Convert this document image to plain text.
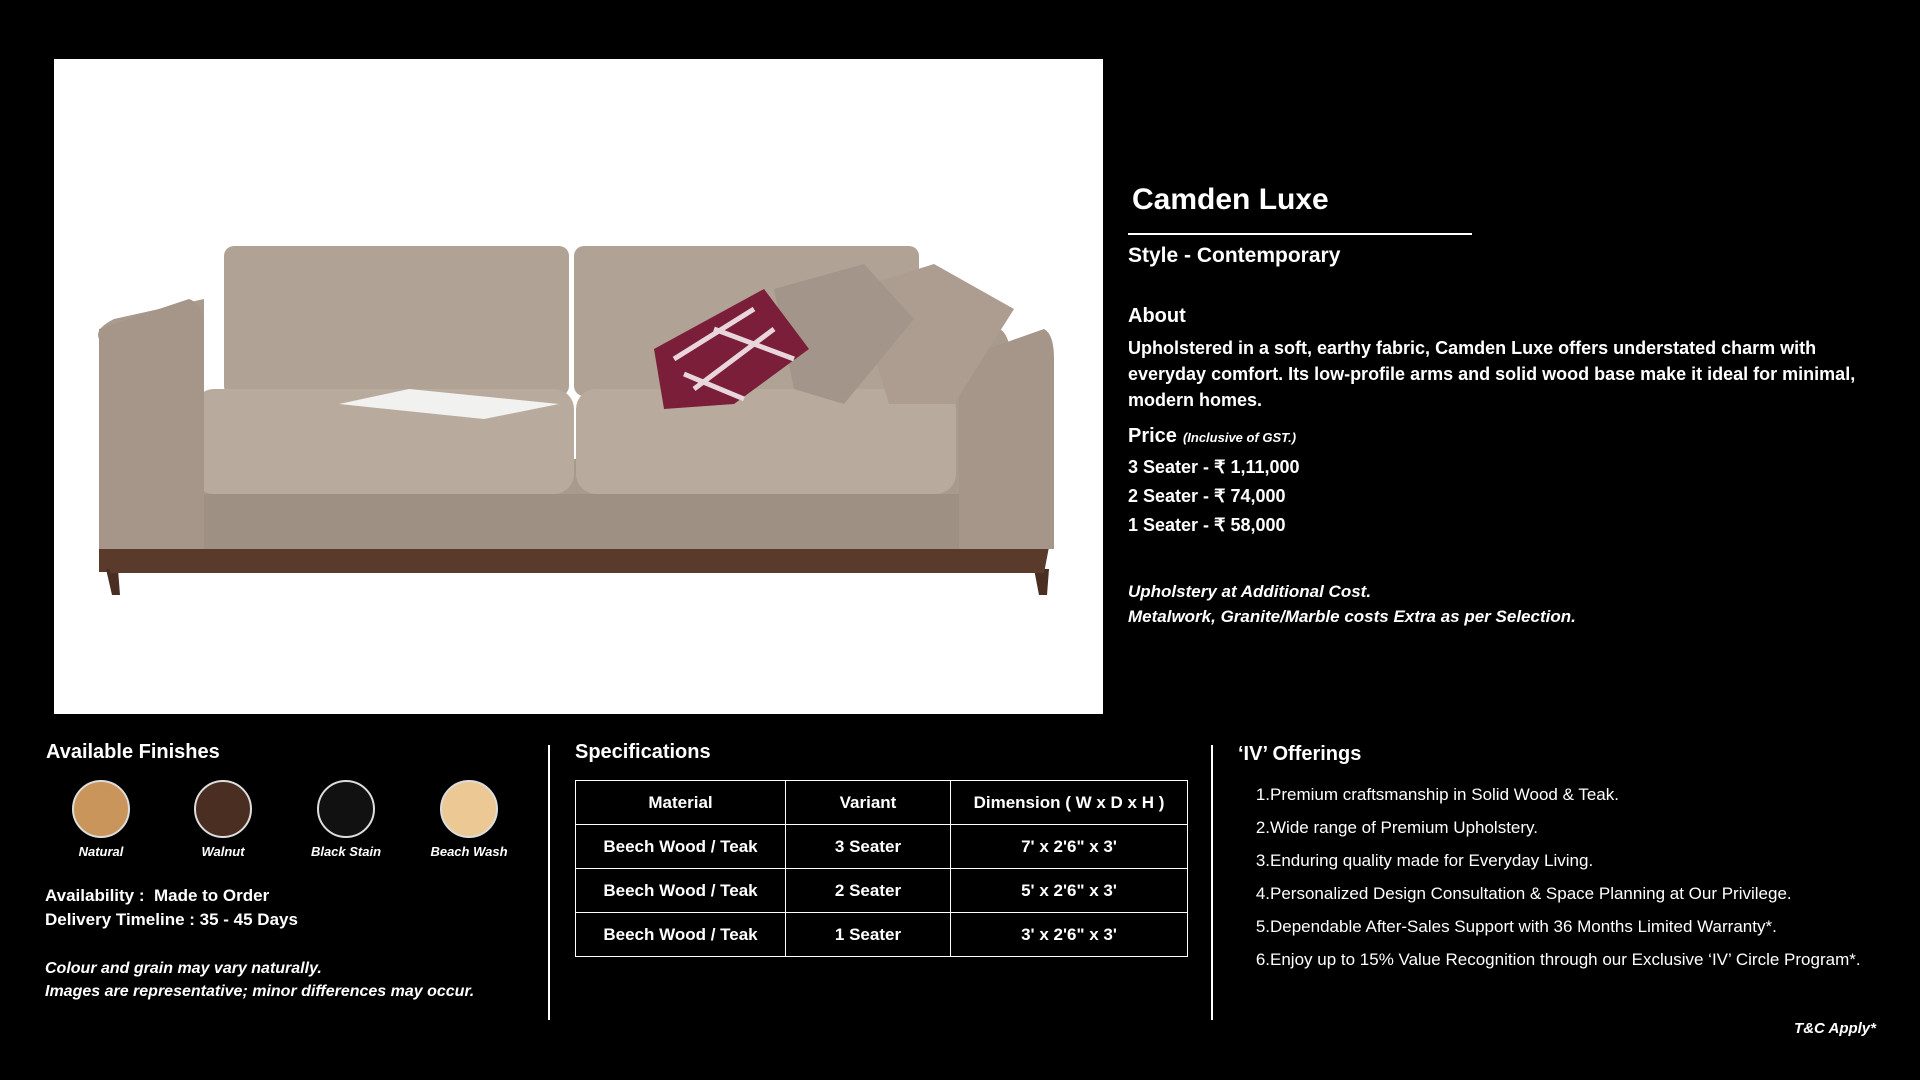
Camden Luxe
Style - Contemporary
About
Upholstered in a soft, earthy fabric, Camden Luxe offers understated charm with everyday comfort. Its low-profile arms and solid wood base make it ideal for minimal, modern homes.
Price (Inclusive of GST.)
3 Seater - ₹ 1,11,000
2 Seater - ₹ 74,000
1 Seater - ₹ 58,000
Upholstery at Additional Cost.
Metalwork, Granite/Marble costs Extra as per Selection.
Available Finishes
Natural	Walnut	Black Stain	Beach Wash
Availability :  Made to Order
Delivery Timeline : 35 - 45 Days
Colour and grain may vary naturally.
Images are representative; minor differences may occur.
Specifications
Material	Variant	Dimension ( W x D x H )
Beech Wood / Teak	3 Seater	7' x 2'6" x 3'
Beech Wood / Teak	2 Seater	5' x 2'6" x 3'
Beech Wood / Teak	1 Seater	3' x 2'6" x 3'
‘IV’ Offerings
1. Premium craftsmanship in Solid Wood & Teak.
2. Wide range of Premium Upholstery.
3. Enduring quality made for Everyday Living.
4. Personalized Design Consultation & Space Planning at Our Privilege.
5. Dependable After-Sales Support with 36 Months Limited Warranty*.
6. Enjoy up to 15% Value Recognition through our Exclusive ‘IV’ Circle Program*.
T&C Apply*
